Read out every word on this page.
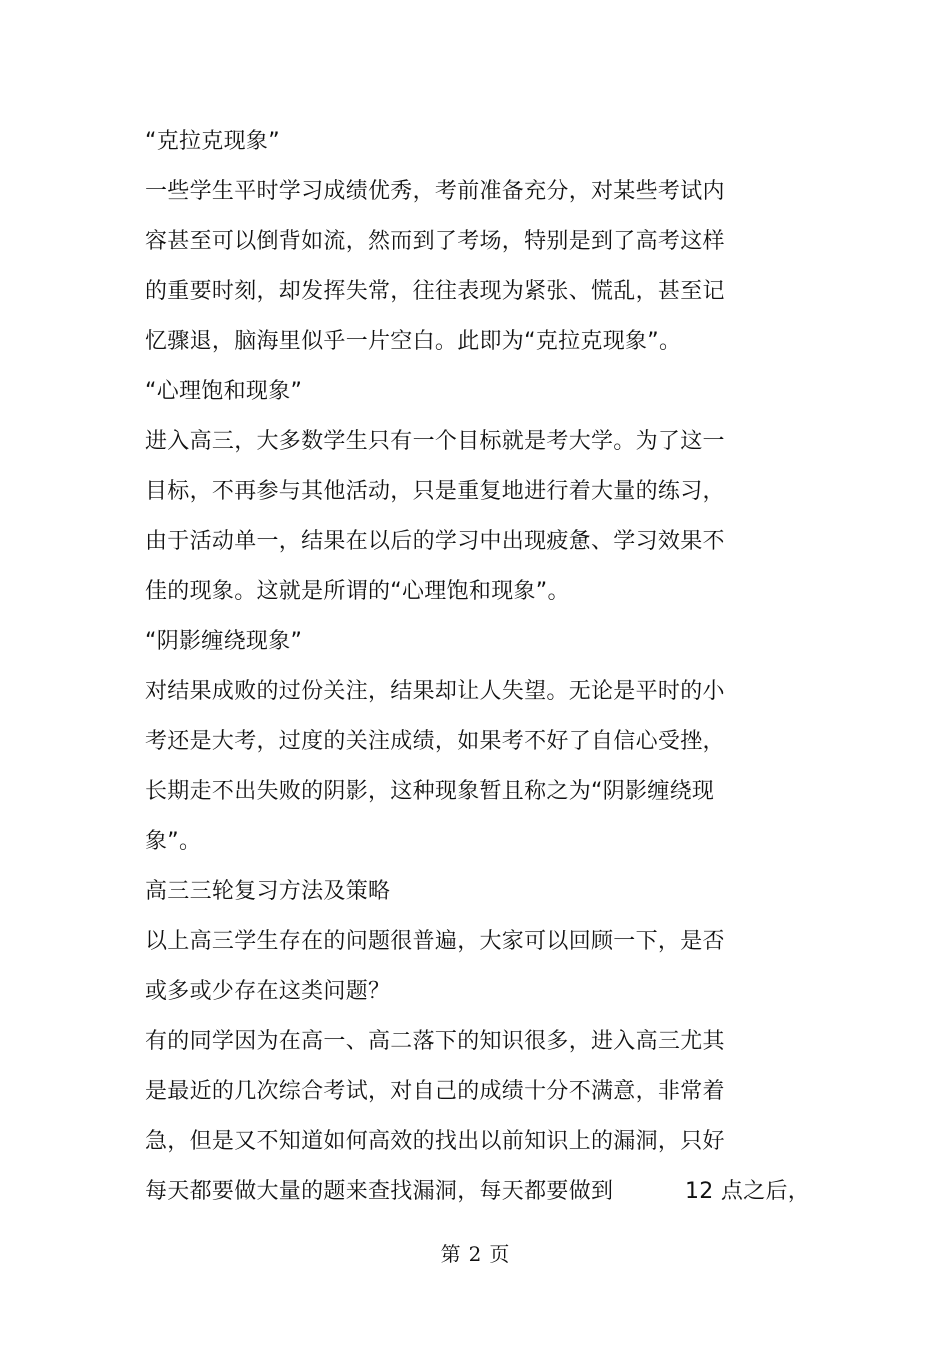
“克拉克现象”
一些学生平时学习成绩优秀，考前准备充分，对某些考试内
容甚至可以倒背如流，然而到了考场，特别是到了高考这样
的重要时刻，却发挥失常，往往表现为紧张、慌乱，甚至记
忆骤退，脑海里似乎一片空白。此即为“克拉克现象”。
“心理饱和现象”
进入高三，大多数学生只有一个目标就是考大学。为了这一
目标，不再参与其他活动，只是重复地进行着大量的练习，
由于活动单一，结果在以后的学习中出现疲惫、学习效果不
佳的现象。这就是所谓的“心理饱和现象”。
“阴影缠绕现象”
对结果成败的过份关注，结果却让人失望。无论是平时的小
考还是大考，过度的关注成绩，如果考不好了自信心受挫，
长期走不出失败的阴影，这种现象暂且称之为“阴影缠绕现
象”。
高三三轮复习方法及策略
以上高三学生存在的问题很普遍，大家可以回顾一下，是否
或多或少存在这类问题？
有的同学因为在高一、高二落下的知识很多，进入高三尤其
是最近的几次综合考试，对自己的成绩十分不满意，非常着
急，但是又不知道如何高效的找出以前知识上的漏洞，只好
每天都要做大量的题来查找漏洞，每天都要做到	12 点之后，
第 2 页
